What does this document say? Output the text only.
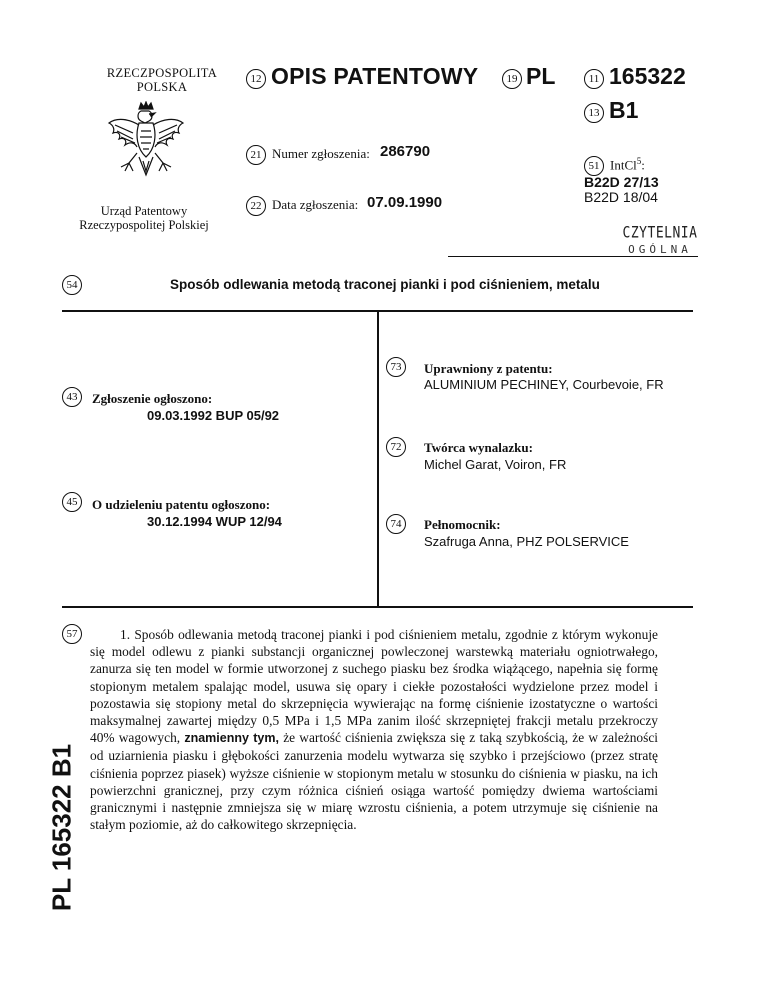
RZECZPOSPOLITA
POLSKA
Urząd Patentowy
Rzeczypospolitej Polskiej
12 OPIS PATENTOWY	19 PL	11 165322
13 B1
21 Numer zgłoszenia: 286790
22 Data zgłoszenia: 07.09.1990
51 IntCl$^5$:
B22D 27/13
B22D 18/04
CZYTELNIA
OGÓLNA
54	Sposób odlewania metodą traconej pianki i pod ciśnieniem, metalu
43	Zgłoszenie ogłoszono:
09.03.1992 BUP 05/92
45	O udzieleniu patentu ogłoszono:
30.12.1994 WUP 12/94
73	Uprawniony z patentu:
ALUMINIUM PECHINEY, Courbevoie, FR
72	Twórca wynalazku:
Michel Garat, Voiron, FR
74	Pełnomocnik:
Szafruga Anna, PHZ POLSERVICE
57	1. Sposób odlewania metodą traconej pianki i pod ciśnieniem metalu, zgodnie z którym wykonuje się model odlewu z pianki substancji organicznej powleczonej warstewką materiału ogniotrwałego, zanurza się ten model w formie utworzonej z suchego piasku bez środka wiążącego, napełnia się formę stopionym metalem spalając model, usuwa się opary i ciekłe pozostałości wydzielone przez model i pozostawia się stopiony metal do skrzepnięcia wywierając na formę ciśnienie izostatyczne o wartości maksymalnej zawartej między 0,5 MPa i 1,5 MPa zanim ilość skrzepniętej frakcji metalu przekroczy 40% wagowych, znamienny tym, że wartość ciśnienia zwiększa się z taką szybkością, że w zależności od uziarnienia piasku i głębokości zanurzenia modelu wytwarza się szybko i przejściowo (przez stratę ciśnienia poprzez piasek) wyższe ciśnienie w stopionym metalu w stosunku do ciśnienia w piasku, na ich powierzchni granicznej, przy czym różnica ciśnień osiąga wartość pomiędzy dwiema wartościami granicznymi i następnie zmniejsza się w miarę wzrostu ciśnienia, a potem utrzymuje się ciśnienie na stałym poziomie, aż do całkowitego skrzepnięcia.
PL 165322 B1
